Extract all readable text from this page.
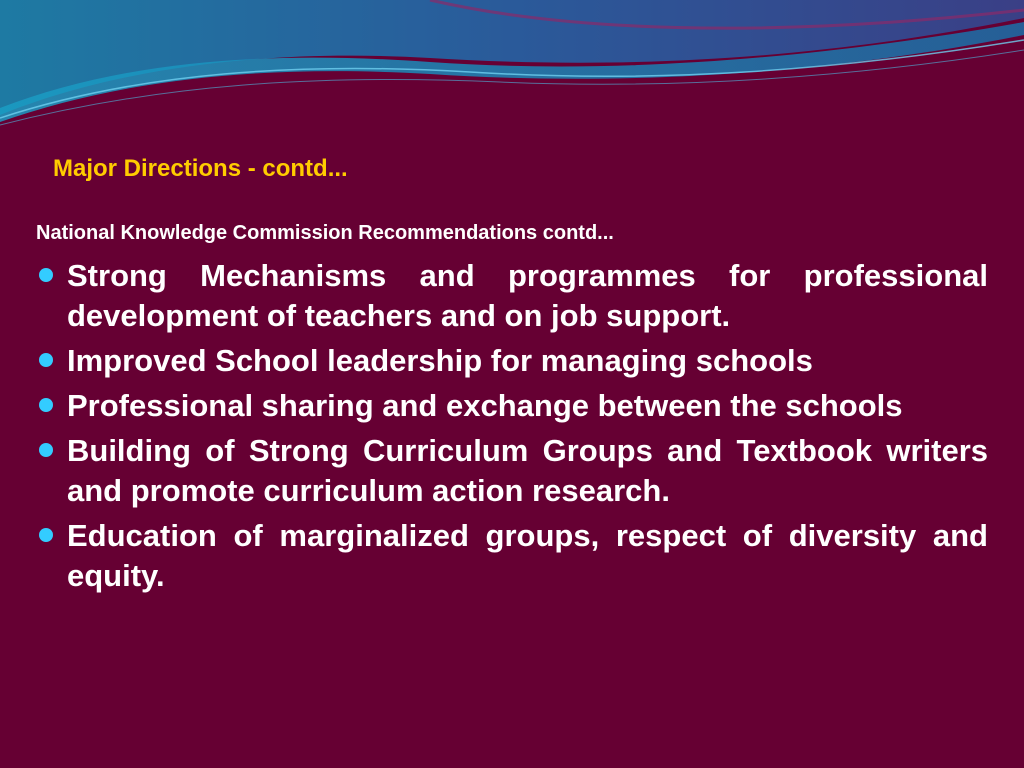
Major Directions - contd...
National Knowledge Commission Recommendations contd...
Strong Mechanisms and programmes for professional development of teachers and on job support.
Improved School leadership for managing schools
Professional sharing and exchange between the schools
Building of Strong Curriculum Groups and Textbook writers and promote curriculum action research.
Education of marginalized groups, respect of diversity and equity.
